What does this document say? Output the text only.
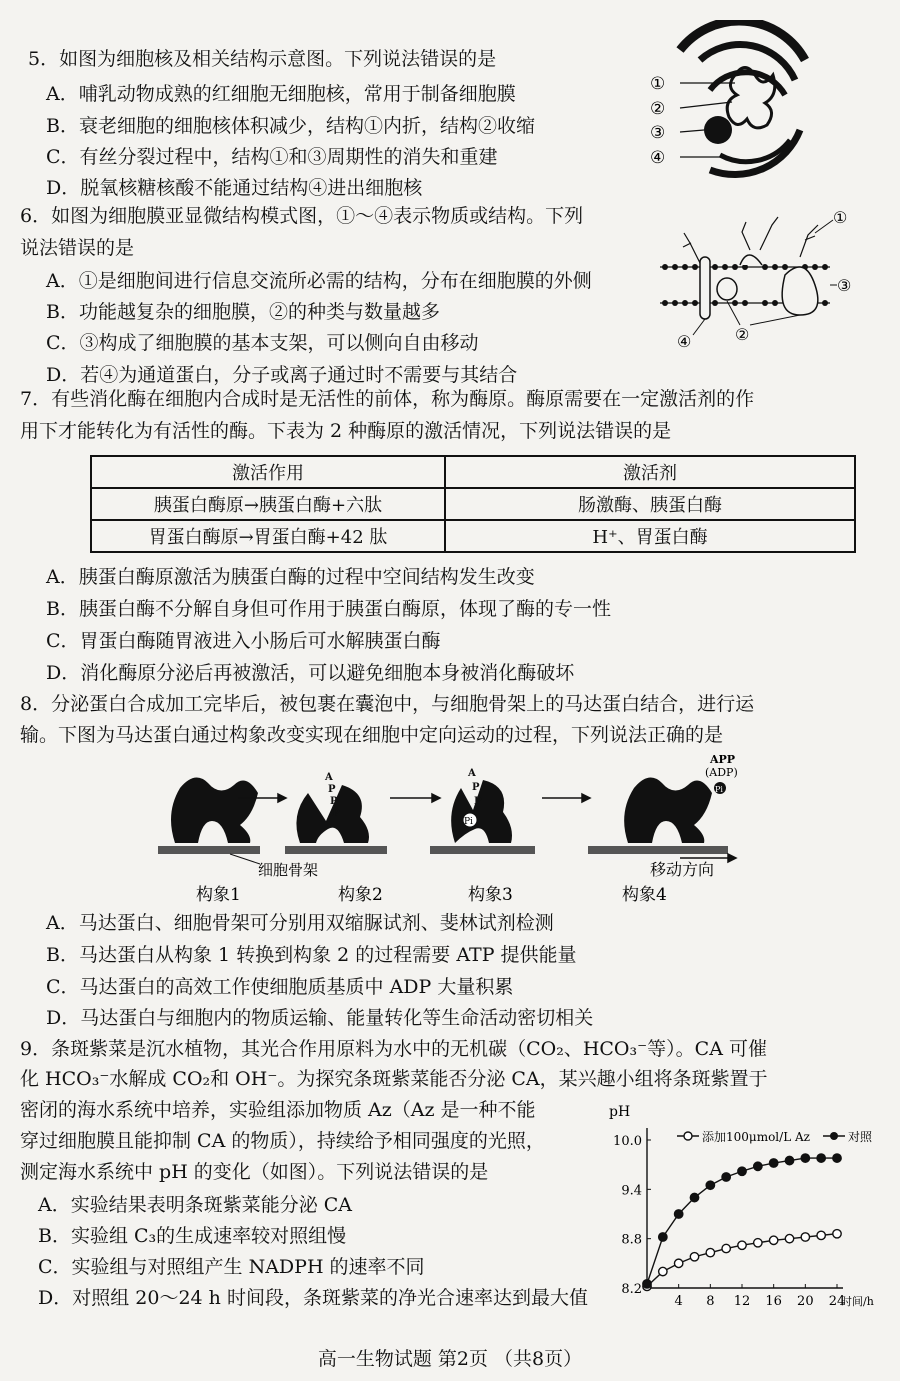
5．如图为细胞核及相关结构示意图。下列说法错误的是
A．哺乳动物成熟的红细胞无细胞核，常用于制备细胞膜
B．衰老细胞的细胞核体积减少，结构①内折，结构②收缩
C．有丝分裂过程中，结构①和③周期性的消失和重建
D．脱氧核糖核酸不能通过结构④进出细胞核
①
②
③
④
6．如图为细胞膜亚显微结构模式图，①～④表示物质或结构。下列
说法错误的是
A．①是细胞间进行信息交流所必需的结构，分布在细胞膜的外侧
B．功能越复杂的细胞膜，②的种类与数量越多
C．③构成了细胞膜的基本支架，可以侧向自由移动
D．若④为通道蛋白，分子或离子通过时不需要与其结合
①
②
③
④
7．有些消化酶在细胞内合成时是无活性的前体，称为酶原。酶原需要在一定激活剂的作
用下才能转化为有活性的酶。下表为 2 种酶原的激活情况，下列说法错误的是
激活作用	激活剂
胰蛋白酶原→胰蛋白酶+六肽	肠激酶、胰蛋白酶
胃蛋白酶原→胃蛋白酶+42 肽	H⁺、胃蛋白酶
A．胰蛋白酶原激活为胰蛋白酶的过程中空间结构发生改变
B．胰蛋白酶不分解自身但可作用于胰蛋白酶原，体现了酶的专一性
C．胃蛋白酶随胃液进入小肠后可水解胰蛋白酶
D．消化酶原分泌后再被激活，可以避免细胞本身被消化酶破坏
8．分泌蛋白合成加工完毕后，被包裹在囊泡中，与细胞骨架上的马达蛋白结合，进行运
输。下图为马达蛋白通过构象改变实现在细胞中定向运动的过程，下列说法正确的是
A
P
P
P
A
P
P
Pi
APP
(ADP)
Pi
细胞骨架	移动方向
构象1	构象2	构象3	构象4
A．马达蛋白、细胞骨架可分别用双缩脲试剂、斐林试剂检测
B．马达蛋白从构象 1 转换到构象 2 的过程需要 ATP 提供能量
C．马达蛋白的高效工作使细胞质基质中 ADP 大量积累
D．马达蛋白与细胞内的物质运输、能量转化等生命活动密切相关
9．条斑紫菜是沉水植物，其光合作用原料为水中的无机碳（CO₂、HCO₃⁻等）。CA 可催
化 HCO₃⁻水解成 CO₂和 OH⁻。为探究条斑紫菜能否分泌 CA，某兴趣小组将条斑紫置于
密闭的海水系统中培养，实验组添加物质 Az（Az 是一种不能
穿过细胞膜且能抑制 CA 的物质），持续给予相同强度的光照，
测定海水系统中 pH 的变化（如图）。下列说法错误的是
A．实验结果表明条斑紫菜能分泌 CA
B．实验组 C₃的生成速率较对照组慢
C．实验组与对照组产生 NADPH 的速率不同
D．对照组 20～24 h 时间段，条斑紫菜的净光合速率达到最大值
pH
8.2
8.8
9.4
10.0
4 8 12 16 20 24
时间/h
添加100μmol/L Az	对照
高一生物试题 第2页 （共8页）
